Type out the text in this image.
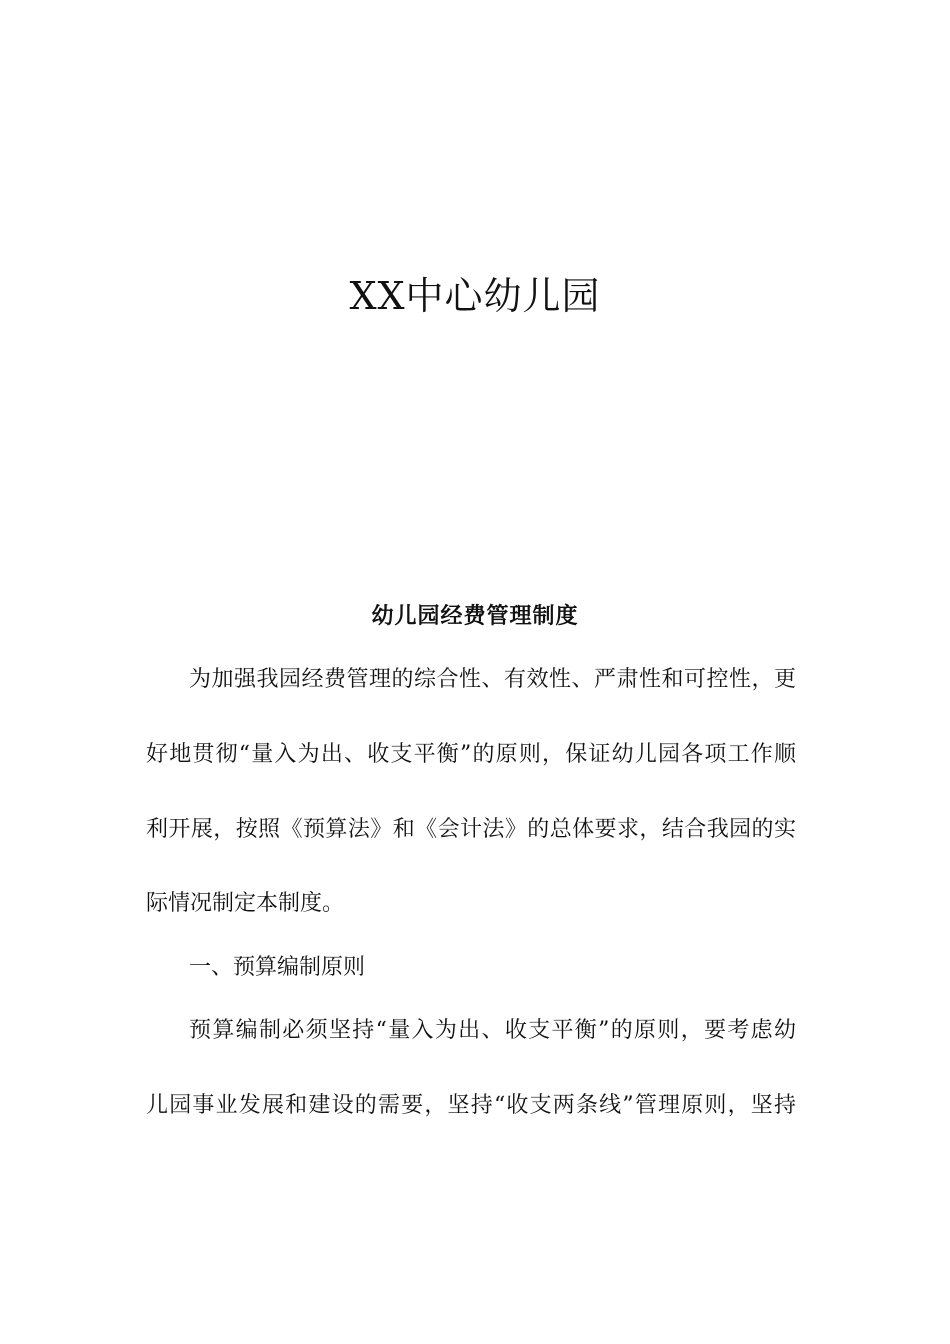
XX中心幼儿园
幼儿园经费管理制度
为加强我园经费管理的综合性、有效性、严肃性和可控性，更
好地贯彻“量入为出、收支平衡”的原则，保证幼儿园各项工作顺
利开展，按照《预算法》和《会计法》的总体要求，结合我园的实
际情况制定本制度。
一、预算编制原则
预算编制必须坚持“量入为出、收支平衡”的原则，要考虑幼
儿园事业发展和建设的需要，坚持“收支两条线”管理原则，坚持
